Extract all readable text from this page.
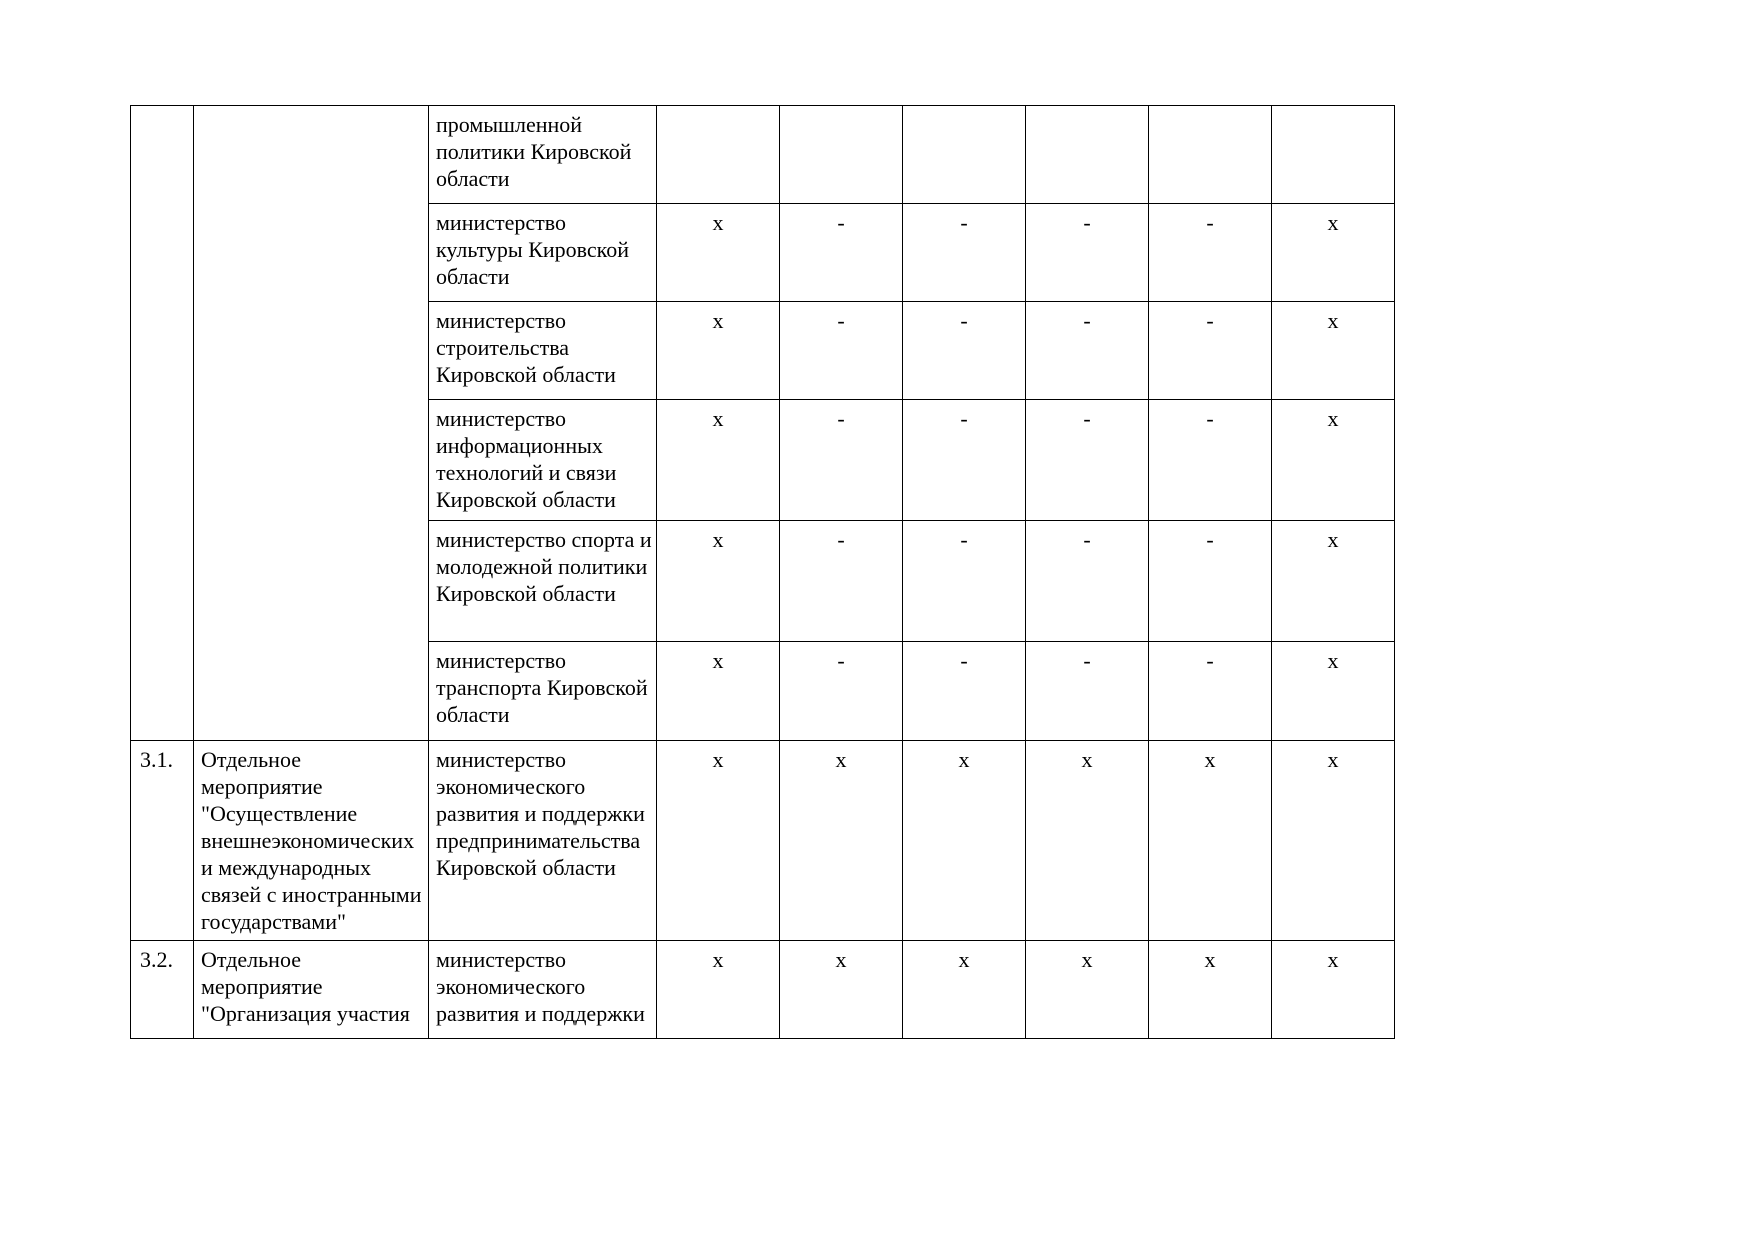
		промышленной политики Кировской области						
		министерство культуры Кировской области	x	-	-	-	-	x
		министерство строительства Кировской области	x	-	-	-	-	x
		министерство информационных технологий и связи Кировской области	x	-	-	-	-	x
		министерство спорта и молодежной политики Кировской области	x	-	-	-	-	x
		министерство транспорта Кировской области	x	-	-	-	-	x
3.1.	Отдельное мероприятие "Осуществление внешнеэкономических и международных связей с иностранными государствами"	министерство экономического развития и поддержки предпринимательства Кировской области	x	x	x	x	x	x
3.2.	Отдельное мероприятие "Организация участия	министерство экономического развития и поддержки	x	x	x	x	x	x
